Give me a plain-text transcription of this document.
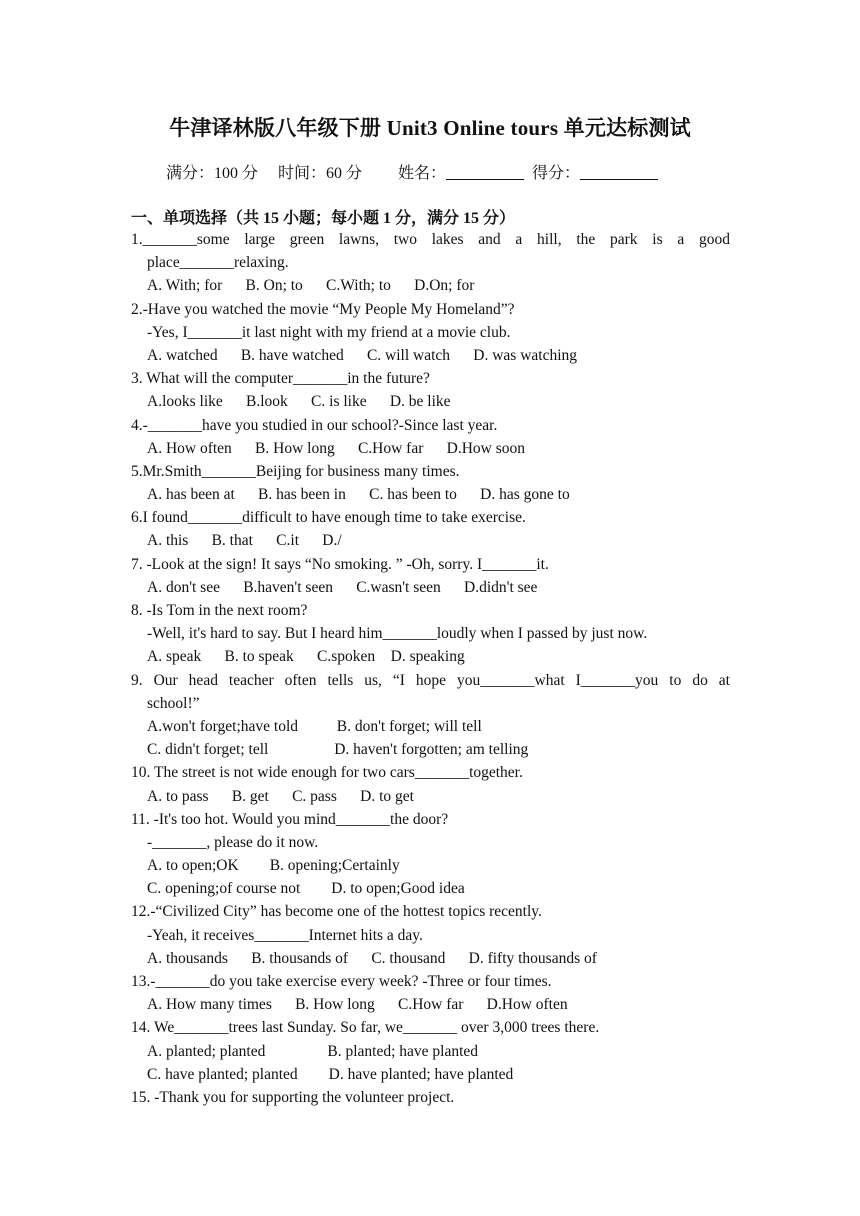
牛津译林版八年级下册 Unit3 Online tours 单元达标测试
满分：100 分 时间：60 分 姓名：	得分：
一、单项选择（共 15 小题；每小题 1 分，满分 15 分）
1._______some large green lawns, two lakes and a hill, the park is a good
place_______relaxing.
A. With; for      B. On; to      C.With; to      D.On; for
2.-Have you watched the movie “My People My Homeland”?
-Yes, I_______it last night with my friend at a movie club.
A. watched      B. have watched      C. will watch      D. was watching
3. What will the computer_______in the future?
A.looks like      B.look      C. is like      D. be like
4.-_______have you studied in our school?-Since last year.
A. How often      B. How long      C.How far      D.How soon
5.Mr.Smith_______Beijing for business many times.
A. has been at      B. has been in      C. has been to      D. has gone to
6.I found_______difficult to have enough time to take exercise.
A. this      B. that      C.it      D./
7. -Look at the sign! It says “No smoking. ” -Oh, sorry. I_______it.
A. don't see      B.haven't seen      C.wasn't seen      D.didn't see
8. -Is Tom in the next room?
-Well, it's hard to say. But I heard him_______loudly when I passed by just now.
A. speak      B. to speak      C.spoken    D. speaking
9. Our head teacher often tells us, “I hope you_______what I_______you to do at
school!”
A.won't forget;have told          B. don't forget; will tell
C. didn't forget; tell                 D. haven't forgotten; am telling
10. The street is not wide enough for two cars_______together.
A. to pass      B. get      C. pass      D. to get
11. -It's too hot. Would you mind_______the door?
-_______, please do it now.
A. to open;OK        B. opening;Certainly
C. opening;of course not        D. to open;Good idea
12.-“Civilized City” has become one of the hottest topics recently.
-Yeah, it receives_______Internet hits a day.
A. thousands      B. thousands of      C. thousand      D. fifty thousands of
13.-_______do you take exercise every week? -Three or four times.
A. How many times      B. How long      C.How far      D.How often
14. We_______trees last Sunday. So far, we_______ over 3,000 trees there.
A. planted; planted                B. planted; have planted
C. have planted; planted        D. have planted; have planted
15. -Thank you for supporting the volunteer project.
